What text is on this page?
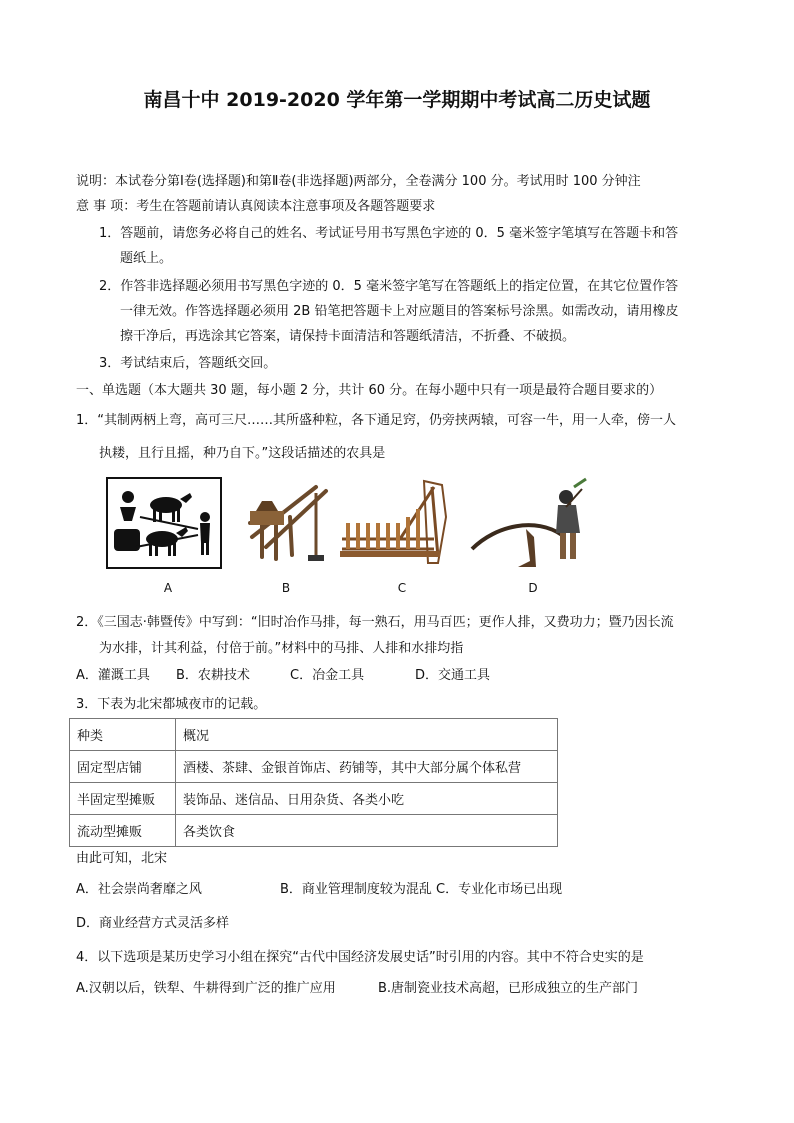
南昌十中 2019-2020 学年第一学期期中考试高二历史试题
说明：本试卷分第Ⅰ卷(选择题)和第Ⅱ卷(非选择题)两部分，全卷满分 100 分。考试用时 100 分钟注
意 事 项：考生在答题前请认真阅读本注意事项及各题答题要求
1．答题前，请您务必将自己的姓名、考试证号用书写黑色字迹的 0．5 毫米签字笔填写在答题卡和答
题纸上。
2．作答非选择题必须用书写黑色字迹的 0．5 毫米签字笔写在答题纸上的指定位置，在其它位置作答
一律无效。作答选择题必须用 2B 铅笔把答题卡上对应题目的答案标号涂黑。如需改动，请用橡皮
擦干净后，再选涂其它答案，请保持卡面清洁和答题纸清洁，不折叠、不破损。
3．考试结束后，答题纸交回。
一、单选题（本大题共 30 题，每小题 2 分，共计 60 分。在每小题中只有一项是最符合题目要求的）
1．“其制两柄上弯，高可三尺……其所盛种粒，各下通足窍，仍旁挟两辕，可容一牛，用一人牵，傍一人
执耧，且行且摇，种乃自下。”这段话描述的农具是
A	B	C	D
2．《三国志·韩暨传》中写到：“旧时冶作马排，每一熟石，用马百匹；更作人排，又费功力；暨乃因长流
为水排，计其利益，付倍于前。”材料中的马排、人排和水排均指
A．灌溉工具 B．农耕技术	C．冶金工具	D．交通工具
3．下表为北宋都城夜市的记载。
种类	概况
固定型店铺	酒楼、茶肆、金银首饰店、药铺等，其中大部分属个体私营
半固定型摊贩	装饰品、迷信品、日用杂货、各类小吃
流动型摊贩	各类饮食
由此可知，北宋
A．社会崇尚奢靡之风	B．商业管理制度较为混乱 C．专业化市场已出现
D．商业经营方式灵活多样
4．以下选项是某历史学习小组在探究“古代中国经济发展史话”时引用的内容。其中不符合史实的是
A.汉朝以后，铁犁、牛耕得到广泛的推广应用	B.唐制瓷业技术高超，已形成独立的生产部门
